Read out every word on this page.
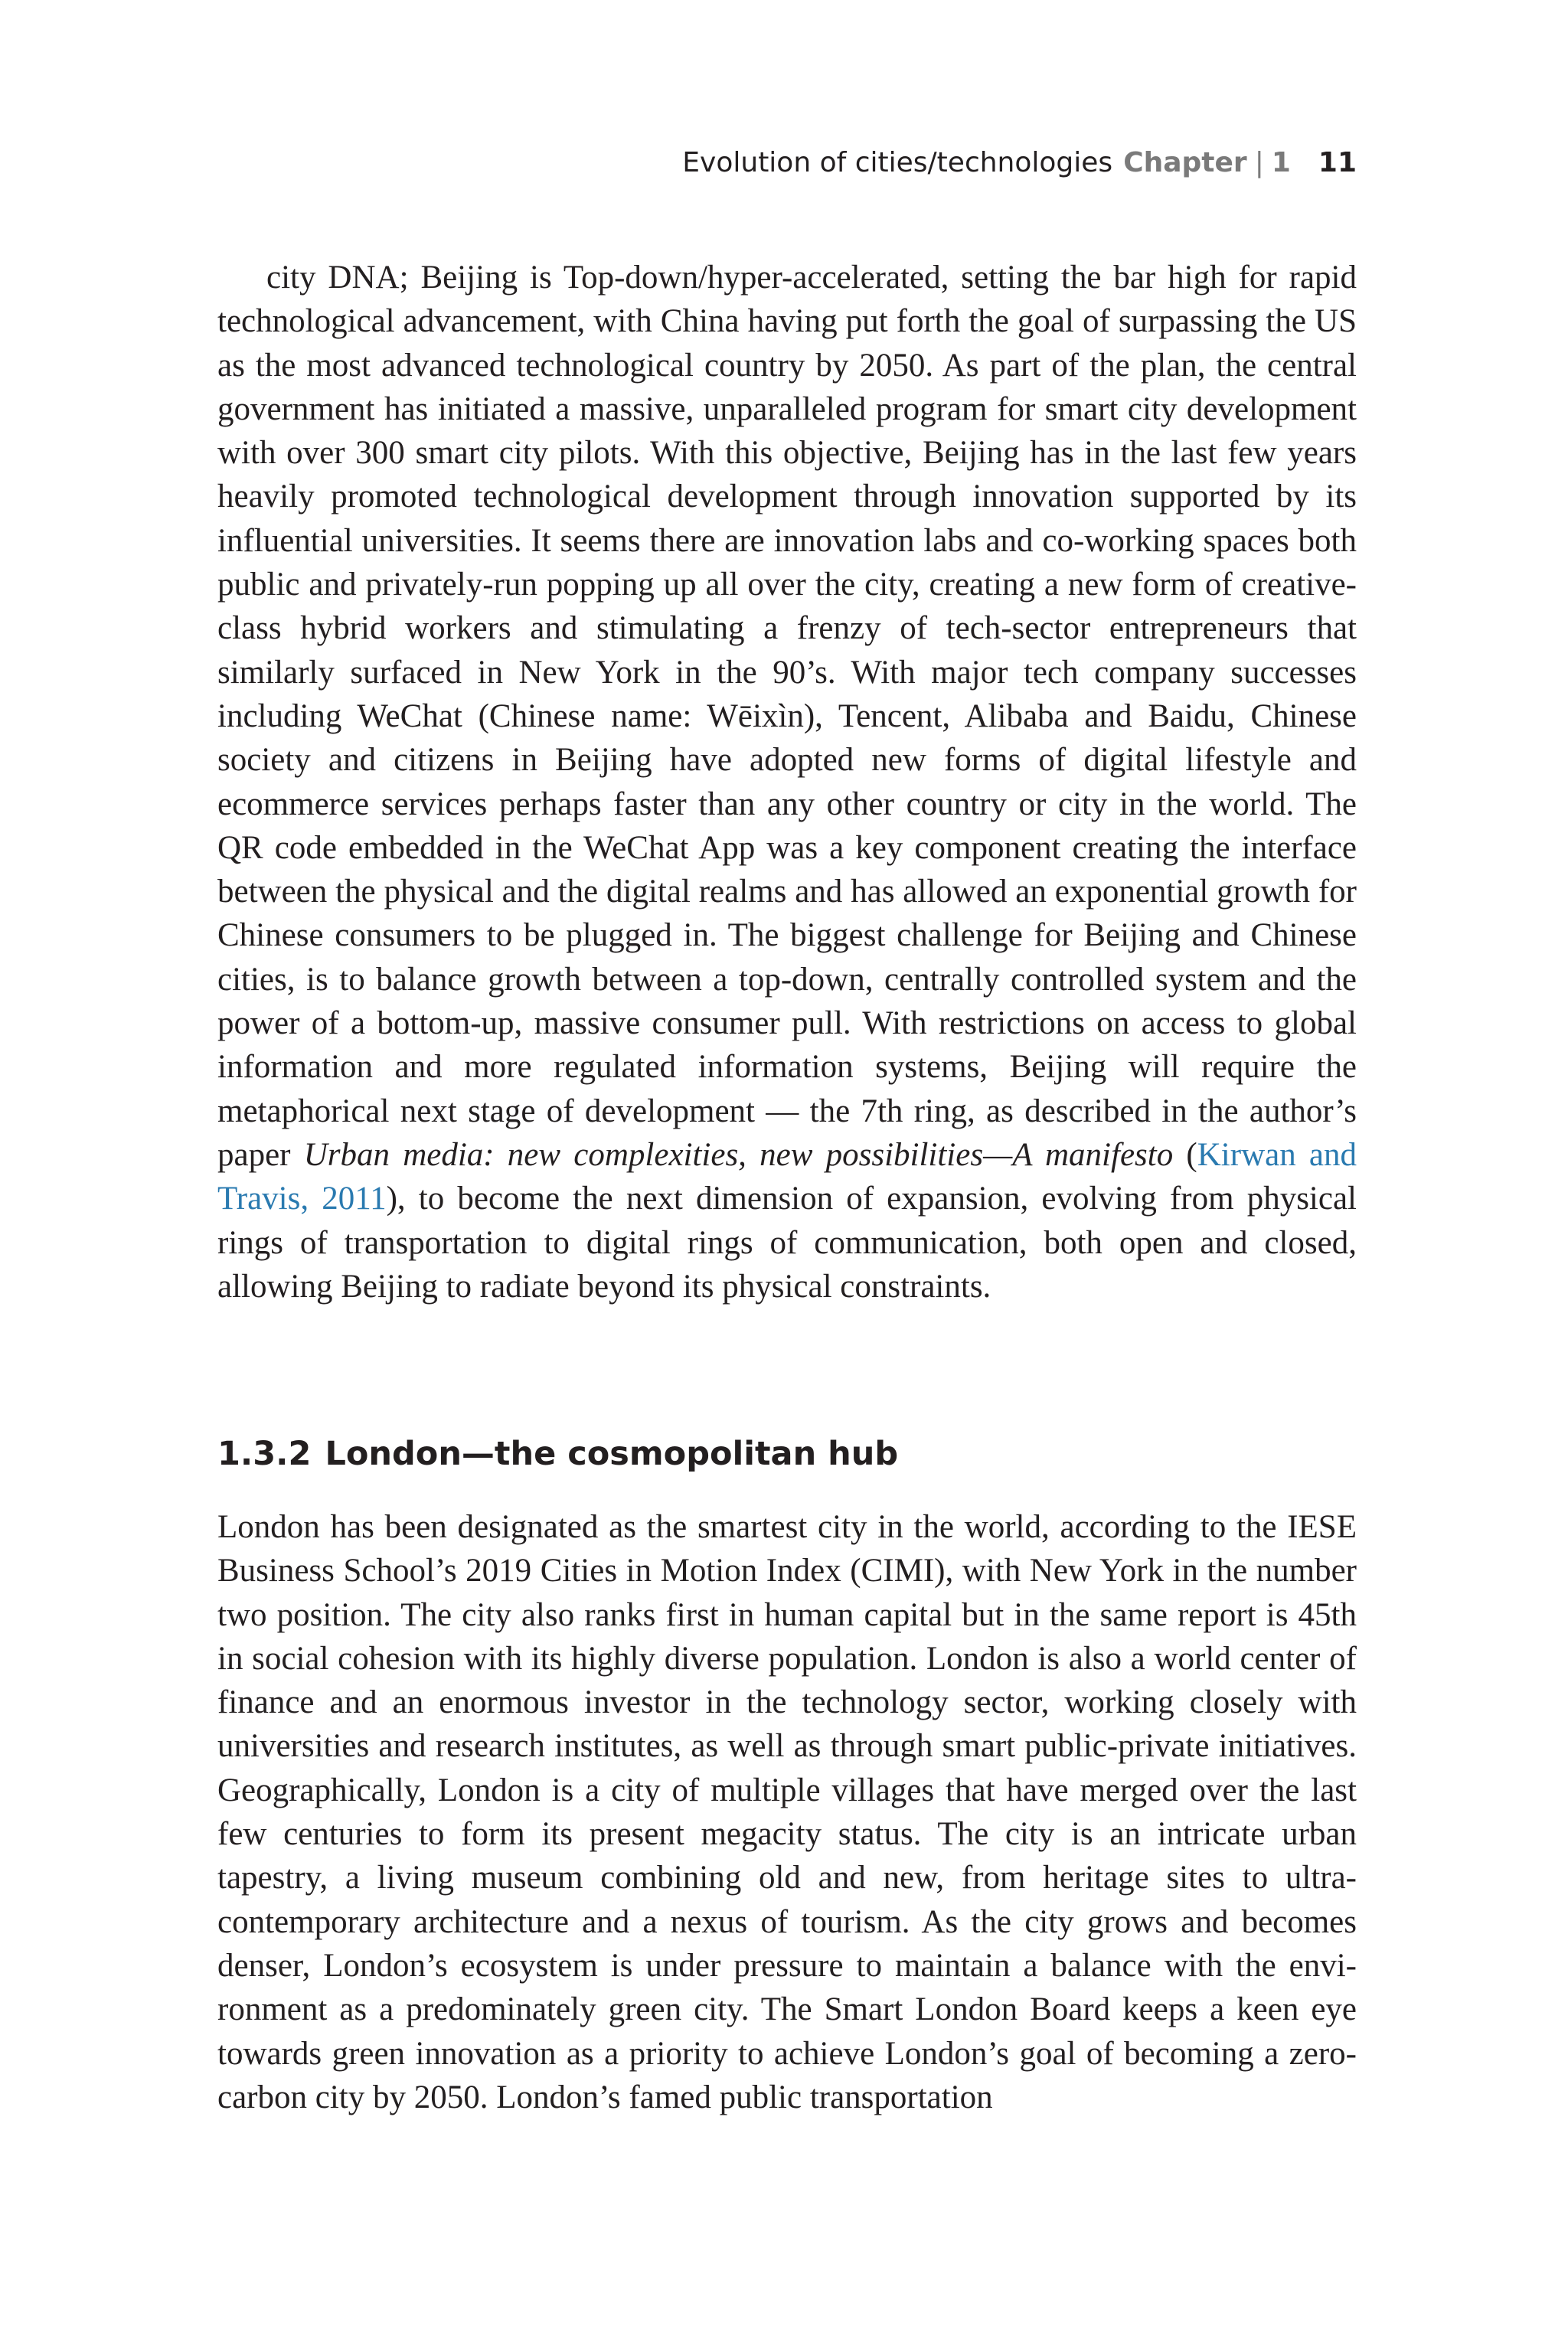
Evolution of cities/technologies Chapter | 1 11

city DNA; Beijing is Top-down/hyper-accelerated, setting the bar high for rapid technological advancement, with China having put forth the goal of surpassing the US as the most advanced technological country by 2050. As part of the plan, the central government has initiated a massive, unparalleled program for smart city development with over 300 smart city pilots. With this objective, Beijing has in the last few years heavily promoted technological development through innovation supported by its influential universities. It seems there are innovation labs and co-working spaces both public and privately-run popping up all over the city, creating a new form of creative-class hybrid workers and stimulating a frenzy of tech-sector entrepreneurs that similarly surfaced in New York in the 90’s. With major tech company successes including WeChat (Chinese name: Wēixìn), Tencent, Alibaba and Baidu, Chinese society and citizens in Beijing have adopted new forms of digital lifestyle and ecommerce services perhaps faster than any other country or city in the world. The QR code embedded in the WeChat App was a key component creating the interface between the physical and the digital realms and has allowed an exponential growth for Chinese consumers to be plugged in. The biggest challenge for Beijing and Chinese cities, is to balance growth between a top-down, centrally controlled system and the power of a bottom-up, massive consumer pull. With restrictions on access to global information and more regulated information systems, Beijing will require the metaphorical next stage of development — the 7th ring, as described in the author’s paper Urban media: new complexities, new possibilities—A manifesto (Kirwan and Travis, 2011), to become the next dimension of expansion, evolving from physical rings of transportation to digital rings of communication, both open and closed, allowing Beijing to radiate beyond its physical constraints.

1.3.2 London—the cosmopolitan hub

London has been designated as the smartest city in the world, according to the IESE Business School’s 2019 Cities in Motion Index (CIMI), with New York in the number two position. The city also ranks first in human capital but in the same report is 45th in social cohesion with its highly diverse population. London is also a world center of finance and an enormous investor in the technology sector, working closely with universities and research institutes, as well as through smart public-private initiatives. Geographically, London is a city of multiple villages that have merged over the last few centuries to form its present megacity status. The city is an intricate urban tapestry, a living museum combining old and new, from heritage sites to ultra-contemporary architecture and a nexus of tourism. As the city grows and becomes denser, London’s ecosystem is under pressure to maintain a balance with the environment as a predominately green city. The Smart London Board keeps a keen eye towards green innovation as a priority to achieve London’s goal of becoming a zero-carbon city by 2050. London’s famed public transportation
